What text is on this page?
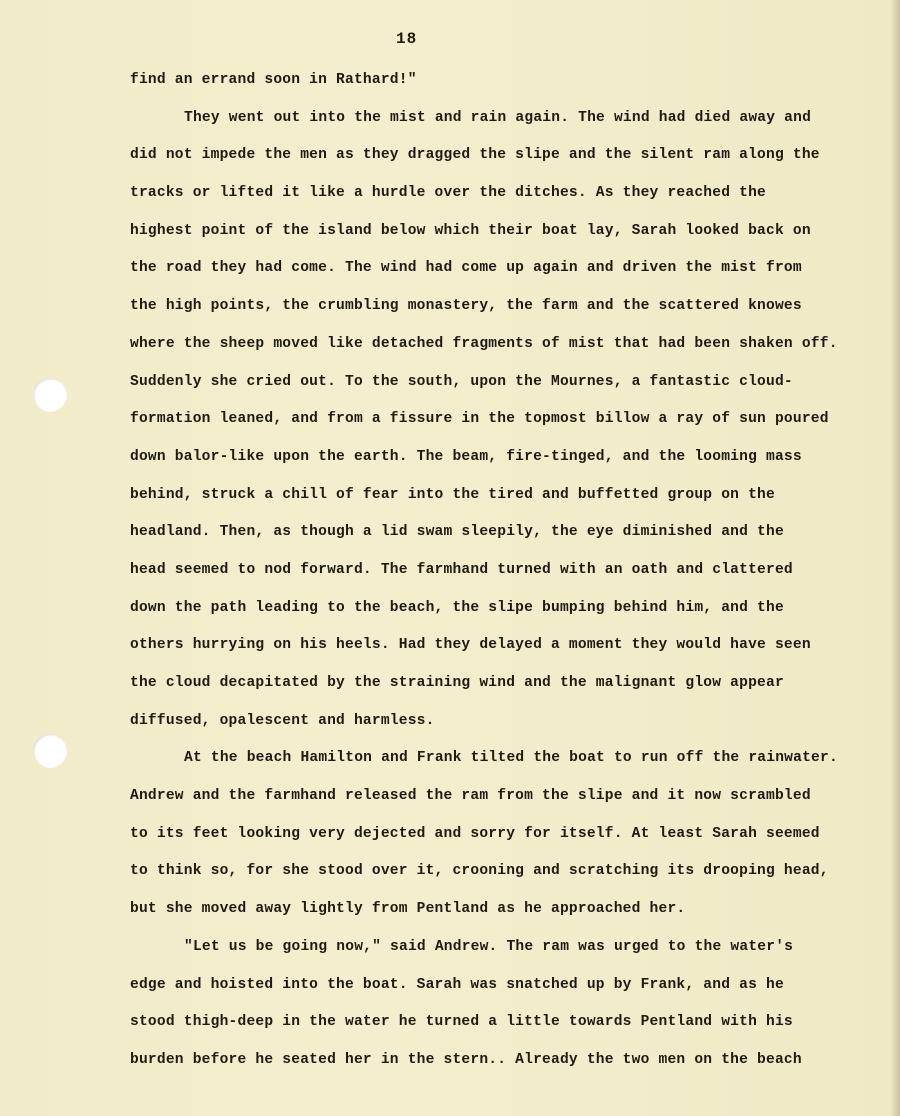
18
find an errand soon in Rathard!"
They went out into the mist and rain again. The wind had died away and
did not impede the men as they dragged the slipe and the silent ram along the
tracks or lifted it like a hurdle over the ditches. As they reached the
highest point of the island below which their boat lay, Sarah looked back on
the road they had come. The wind had come up again and driven the mist from
the high points, the crumbling monastery, the farm and the scattered knowes
where the sheep moved like detached fragments of mist that had been shaken off.
Suddenly she cried out. To the south, upon the Mournes, a fantastic cloud-
formation leaned, and from a fissure in the topmost billow a ray of sun poured
down balor-like upon the earth. The beam, fire-tinged, and the looming mass
behind, struck a chill of fear into the tired and buffetted group on the
headland. Then, as though a lid swam sleepily, the eye diminished and the
head seemed to nod forward. The farmhand turned with an oath and clattered
down the path leading to the beach, the slipe bumping behind him, and the
others hurrying on his heels. Had they delayed a moment they would have seen
the cloud decapitated by the straining wind and the malignant glow appear
diffused, opalescent and harmless.
At the beach Hamilton and Frank tilted the boat to run off the rainwater.
Andrew and the farmhand released the ram from the slipe and it now scrambled
to its feet looking very dejected and sorry for itself. At least Sarah seemed
to think so, for she stood over it, crooning and scratching its drooping head,
but she moved away lightly from Pentland as he approached her.
"Let us be going now," said Andrew. The ram was urged to the water's
edge and hoisted into the boat. Sarah was snatched up by Frank, and as he
stood thigh-deep in the water he turned a little towards Pentland with his
burden before he seated her in the stern.. Already the two men on the beach
